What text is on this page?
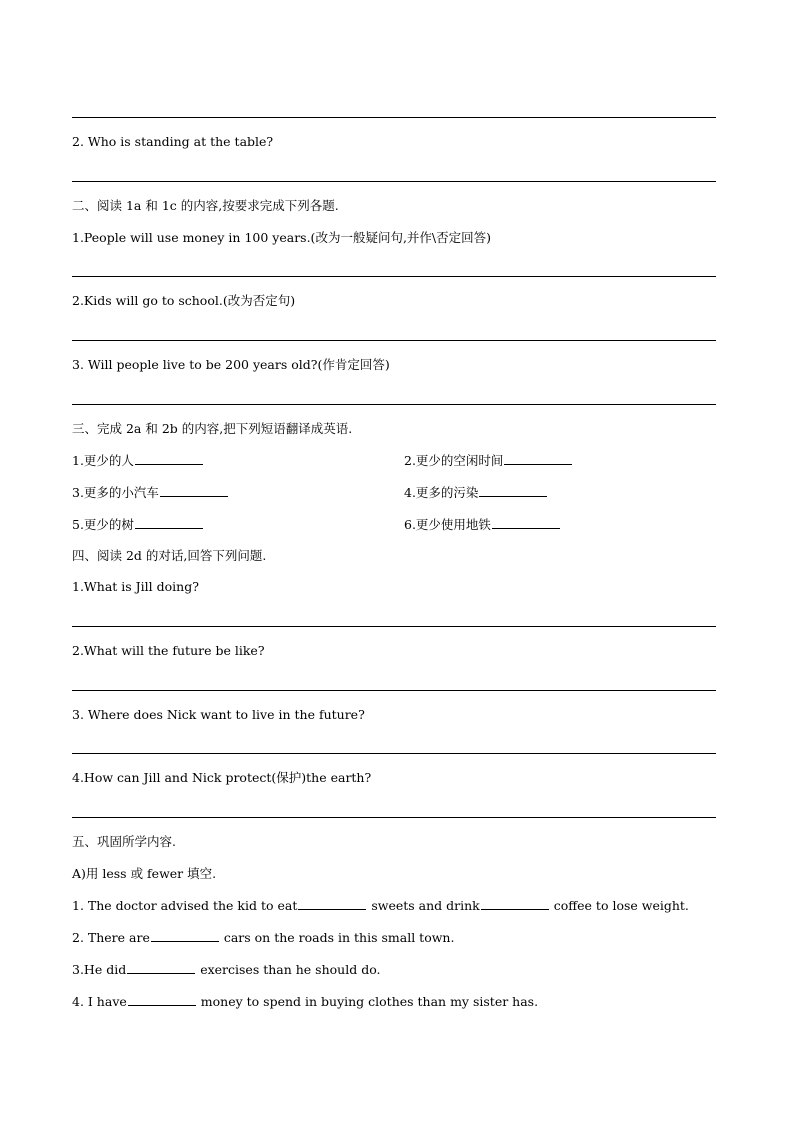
2. Who is standing at the table?
二、阅读 1a 和 1c 的内容,按要求完成下列各题.
1.People will use money in 100 years.(改为一般疑问句,并作\否定回答)
2.Kids will go to school.(改为否定句)
3. Will people live to be 200 years old?(作肯定回答)
三、完成 2a 和 2b 的内容,把下列短语翻译成英语.
1.更少的人	2.更少的空闲时间
3.更多的小汽车	4.更多的污染
5.更少的树	6.更少使用地铁
四、阅读 2d 的对话,回答下列问题.
1.What is Jill doing?
2.What will the future be like?
3. Where does Nick want to live in the future?
4.How can Jill and Nick protect(保护)the earth?
五、巩固所学内容.
A)用 less 或 fewer 填空.
1. The doctor advised the kid to eat	sweets and drink	coffee to lose weight.
2. There are	cars on the roads in this small town.
3.He did	exercises than he should do.
4. I have	money to spend in buying clothes than my sister has.
